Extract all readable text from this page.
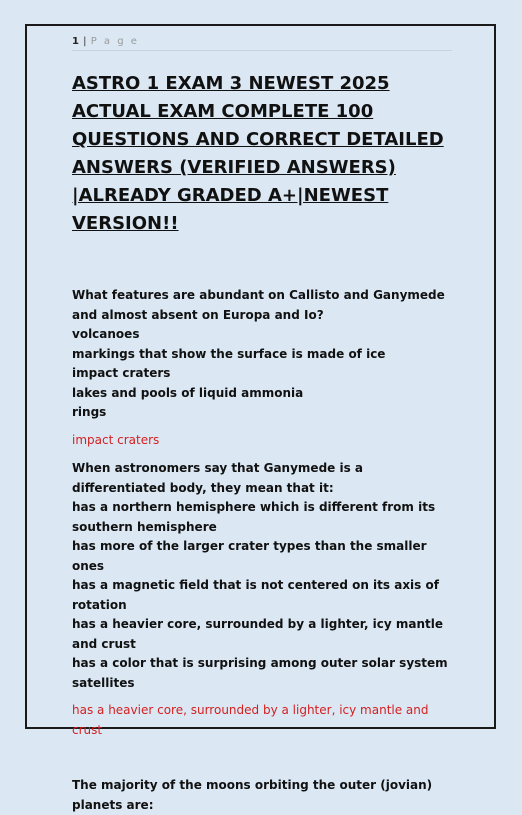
1 | P a g e
ASTRO 1 EXAM 3 NEWEST 2025 ACTUAL EXAM COMPLETE 100 QUESTIONS AND CORRECT DETAILED ANSWERS (VERIFIED ANSWERS) |ALREADY GRADED A+|NEWEST VERSION!!
What features are abundant on Callisto and Ganymede and almost absent on Europa and Io?
volcanoes
markings that show the surface is made of ice
impact craters
lakes and pools of liquid ammonia
rings
impact craters
When astronomers say that Ganymede is a differentiated body, they mean that it:
has a northern hemisphere which is different from its southern hemisphere
has more of the larger crater types than the smaller ones
has a magnetic field that is not centered on its axis of rotation
has a heavier core, surrounded by a lighter, icy mantle and crust
has a color that is surprising among outer solar system satellites
has a heavier core, surrounded by a lighter, icy mantle and crust
The majority of the moons orbiting the outer (jovian) planets are:
